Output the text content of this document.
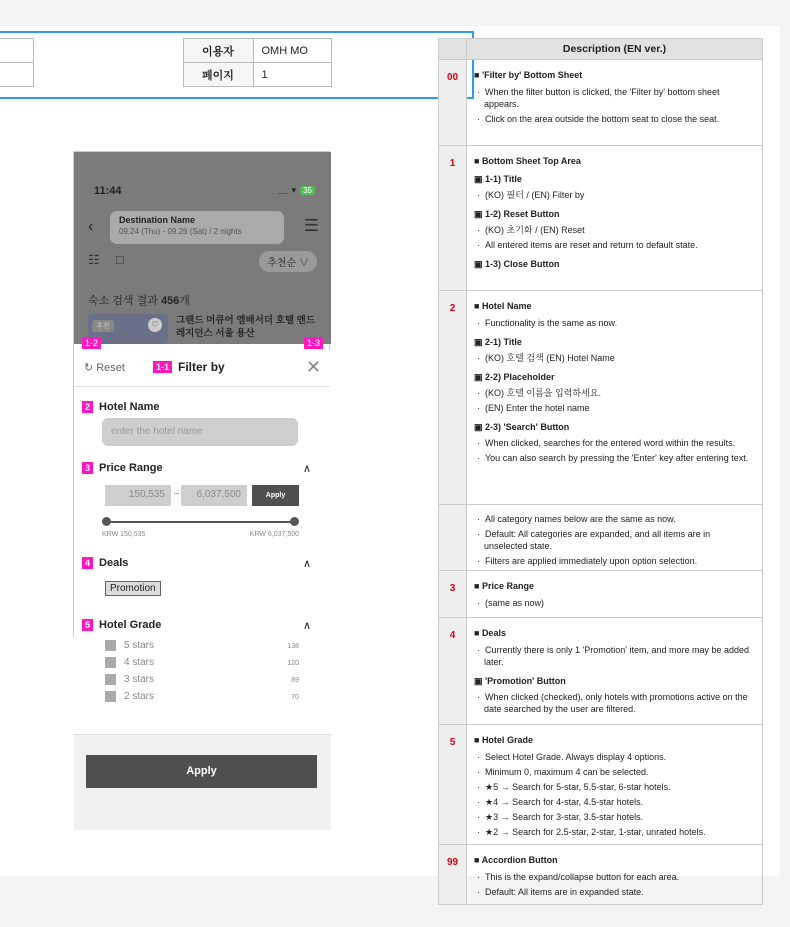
		이용자	OMH MO	
		페이지	1	
11:44	.... ▾ 35
‹	Destination Name
09.24 (Thu) - 09.26 (Sat) / 2 nights	☰
☷ □	추천순 ∨
숙소 검색 결과 456개
추천	♡	그랜드 머큐어 앰배서더 호텔 앤드 레지던스 서울 용산
1-2	1-3
↻ Reset	1-1 Filter by	✕
2 Hotel Name
enter the hotel name
3 Price Range	∧
150,535 ~	6,037,500	Apply
KRW 150,535	KRW 6,037,500
4 Deals	∧
Promotion
5 Hotel Grade	∧
5 stars	138
4 stars	120
3 stars	89
2 stars	70
Apply
Description (EN ver.)
00	■ 'Filter by' Bottom Sheet
·  When the filter button is clicked, the 'Filter by' bottom sheet appears.
·  Click on the area outside the bottom seat to close the seat.
1	■ Bottom Sheet Top Area
▣ 1-1) Title
·  (KO) 필터 / (EN) Filter by
▣ 1-2) Reset Button
·  (KO) 초기화 / (EN) Reset
·  All entered items are reset and return to default state.
▣ 1-3) Close Button
2	■ Hotel Name
·  Functionality is the same as now.
▣ 2-1) Title
·  (KO) 호텔 검색 (EN) Hotel Name
▣ 2-2) Placeholder
·  (KO) 호텔 이름을 입력하세요.
·  (EN) Enter the hotel name
▣ 2-3) 'Search' Button
·  When clicked, searches for the entered word within the results.
·  You can also search by pressing the 'Enter' key after entering text.
·  All category names below are the same as now.
·  Default: All categories are expanded, and all items are in unselected state.
·  Filters are applied immediately upon option selection.
3	■ Price Range
·  (same as now)
4	■ Deals
·  Currently there is only 1 'Promotion' item, and more may be added later.
▣ 'Promotion' Button
·  When clicked (checked), only hotels with promotions active on the date searched by the user are filtered.
5	■ Hotel Grade
·  Select Hotel Grade. Always display 4 options.
·  Minimum 0, maximum 4 can be selected.
·  ★5 → Search for 5-star, 5.5-star, 6-star hotels.
·  ★4 → Search for 4-star, 4.5-star hotels.
·  ★3 → Search for 3-star, 3.5-star hotels.
·  ★2 → Search for 2.5-star, 2-star, 1-star, unrated hotels.
99	■ Accordion Button
·  This is the expand/collapse button for each area.
·  Default: All items are in expanded state.
